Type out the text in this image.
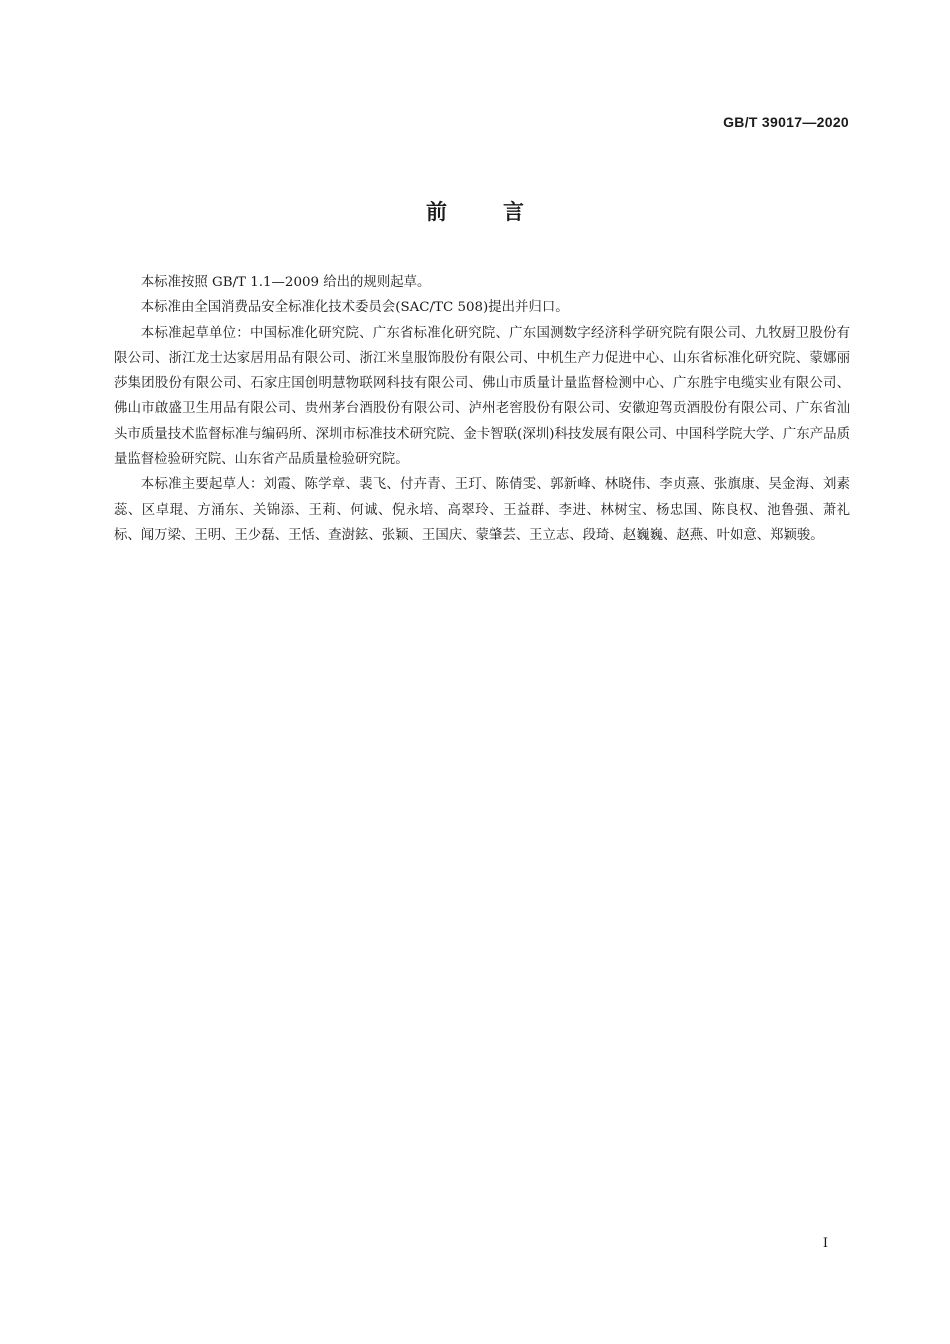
GB/T 39017—2020
前言

本标准按照 GB/T 1.1—2009 给出的规则起草。

本标准由全国消费品安全标准化技术委员会(SAC/TC 508)提出并归口。

本标准起草单位：中国标准化研究院、广东省标准化研究院、广东国测数字经济科学研究院有限公司、九牧厨卫股份有限公司、浙江龙士达家居用品有限公司、浙江米皇服饰股份有限公司、中机生产力促进中心、山东省标准化研究院、蒙娜丽莎集团股份有限公司、石家庄国创明慧物联网科技有限公司、佛山市质量计量监督检测中心、广东胜宇电缆实业有限公司、佛山市啟盛卫生用品有限公司、贵州茅台酒股份有限公司、泸州老窖股份有限公司、安徽迎驾贡酒股份有限公司、广东省汕头市质量技术监督标准与编码所、深圳市标准技术研究院、金卡智联(深圳)科技发展有限公司、中国科学院大学、广东产品质量监督检验研究院、山东省产品质量检验研究院。

本标准主要起草人：刘霞、陈学章、裴飞、付卉青、王玎、陈倩雯、郭新峰、林晓伟、李贞熹、张旗康、吴金海、刘素蕊、区卓琨、方涌东、关锦添、王莉、何诚、倪永培、高翠玲、王益群、李进、林树宝、杨忠国、陈良权、池鲁强、萧礼标、闻万梁、王明、王少磊、王恬、查澍鉉、张颖、王国庆、蒙肇芸、王立志、段琦、赵巍巍、赵燕、叶如意、郑颖骏。

I
